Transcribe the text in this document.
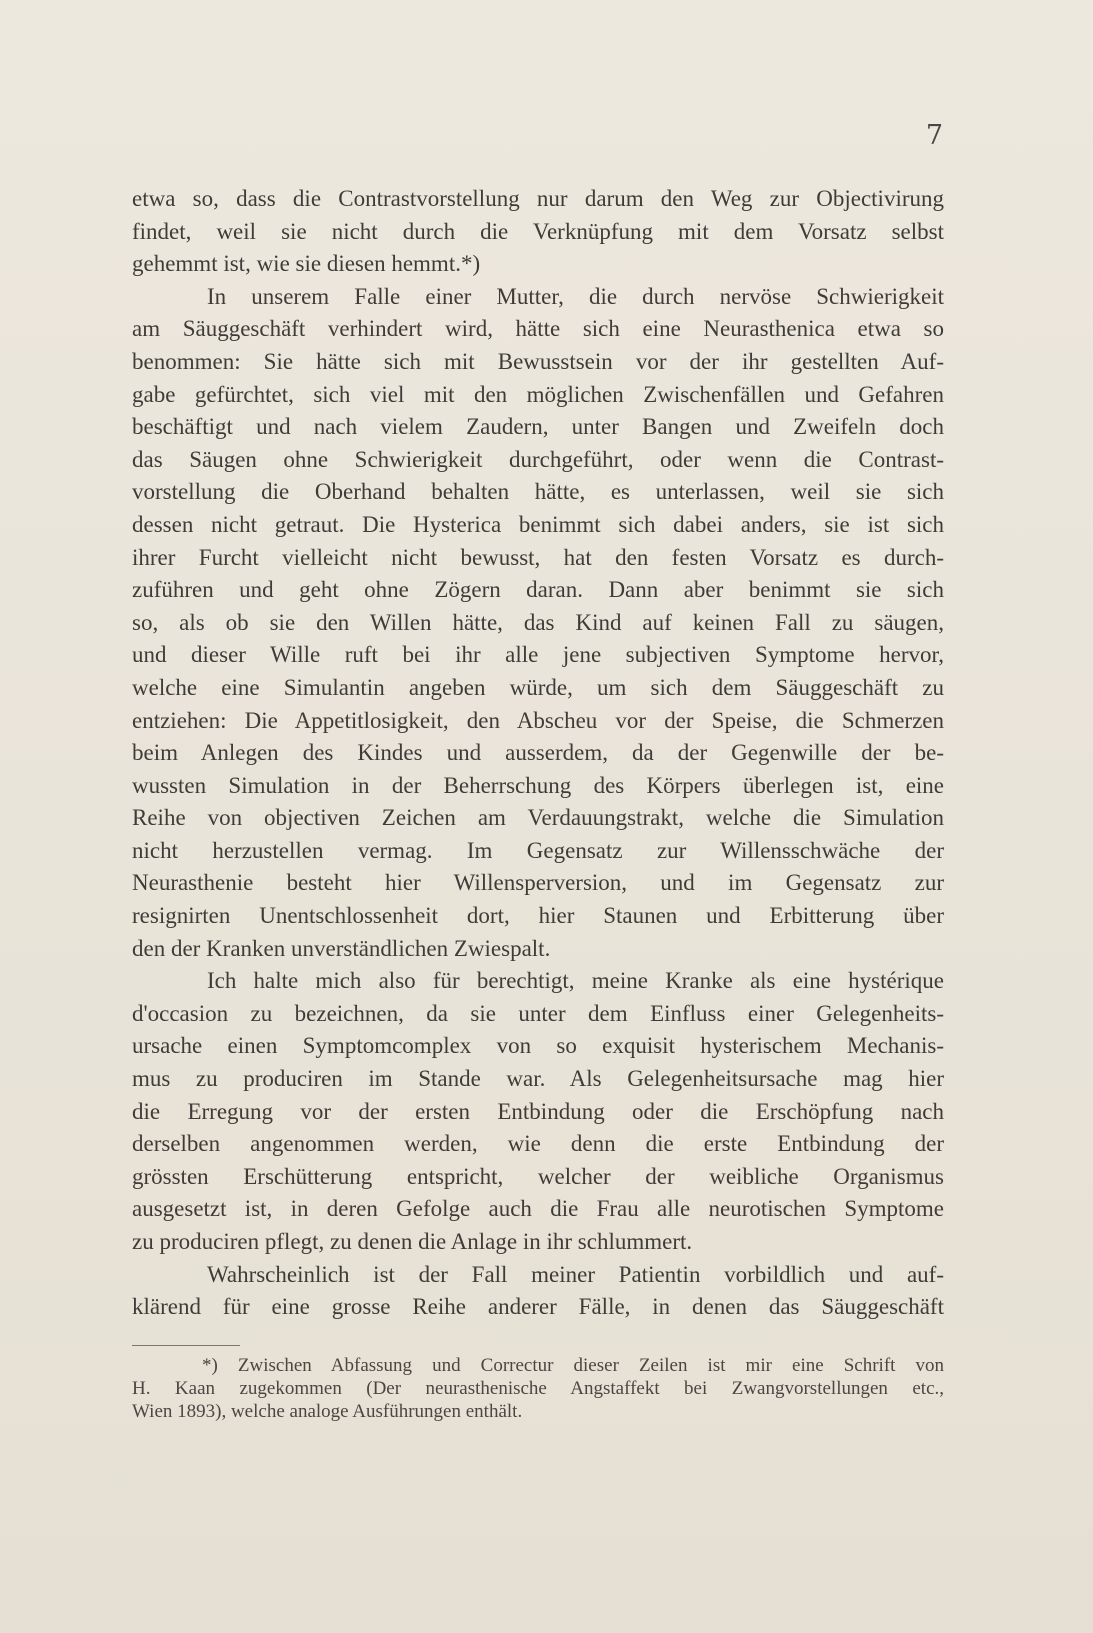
7
etwa so, dass die Contrastvorstellung nur darum den Weg zur Objectivirung
findet, weil sie nicht durch die Verknüpfung mit dem Vorsatz selbst
gehemmt ist, wie sie diesen hemmt.*)
In unserem Falle einer Mutter, die durch nervöse Schwierigkeit
am Säuggeschäft verhindert wird, hätte sich eine Neurasthenica etwa so
benommen: Sie hätte sich mit Bewusstsein vor der ihr gestellten Auf-
gabe gefürchtet, sich viel mit den möglichen Zwischenfällen und Gefahren
beschäftigt und nach vielem Zaudern, unter Bangen und Zweifeln doch
das Säugen ohne Schwierigkeit durchgeführt, oder wenn die Contrast-
vorstellung die Oberhand behalten hätte, es unterlassen, weil sie sich
dessen nicht getraut. Die Hysterica benimmt sich dabei anders, sie ist sich
ihrer Furcht vielleicht nicht bewusst, hat den festen Vorsatz es durch-
zuführen und geht ohne Zögern daran. Dann aber benimmt sie sich
so, als ob sie den Willen hätte, das Kind auf keinen Fall zu säugen,
und dieser Wille ruft bei ihr alle jene subjectiven Symptome hervor,
welche eine Simulantin angeben würde, um sich dem Säuggeschäft zu
entziehen: Die Appetitlosigkeit, den Abscheu vor der Speise, die Schmerzen
beim Anlegen des Kindes und ausserdem, da der Gegenwille der be-
wussten Simulation in der Beherrschung des Körpers überlegen ist, eine
Reihe von objectiven Zeichen am Verdauungstrakt, welche die Simulation
nicht herzustellen vermag. Im Gegensatz zur Willensschwäche der
Neurasthenie besteht hier Willensperversion, und im Gegensatz zur
resignirten Unentschlossenheit dort, hier Staunen und Erbitterung über
den der Kranken unverständlichen Zwiespalt.
Ich halte mich also für berechtigt, meine Kranke als eine hystérique
d'occasion zu bezeichnen, da sie unter dem Einfluss einer Gelegenheits-
ursache einen Symptomcomplex von so exquisit hysterischem Mechanis-
mus zu produciren im Stande war. Als Gelegenheitsursache mag hier
die Erregung vor der ersten Entbindung oder die Erschöpfung nach
derselben angenommen werden, wie denn die erste Entbindung der
grössten Erschütterung entspricht, welcher der weibliche Organismus
ausgesetzt ist, in deren Gefolge auch die Frau alle neurotischen Symptome
zu produciren pflegt, zu denen die Anlage in ihr schlummert.
Wahrscheinlich ist der Fall meiner Patientin vorbildlich und auf-
klärend für eine grosse Reihe anderer Fälle, in denen das Säuggeschäft
*) Zwischen Abfassung und Correctur dieser Zeilen ist mir eine Schrift von
H. Kaan zugekommen (Der neurasthenische Angstaffekt bei Zwangvorstellungen etc.,
Wien 1893), welche analoge Ausführungen enthält.
